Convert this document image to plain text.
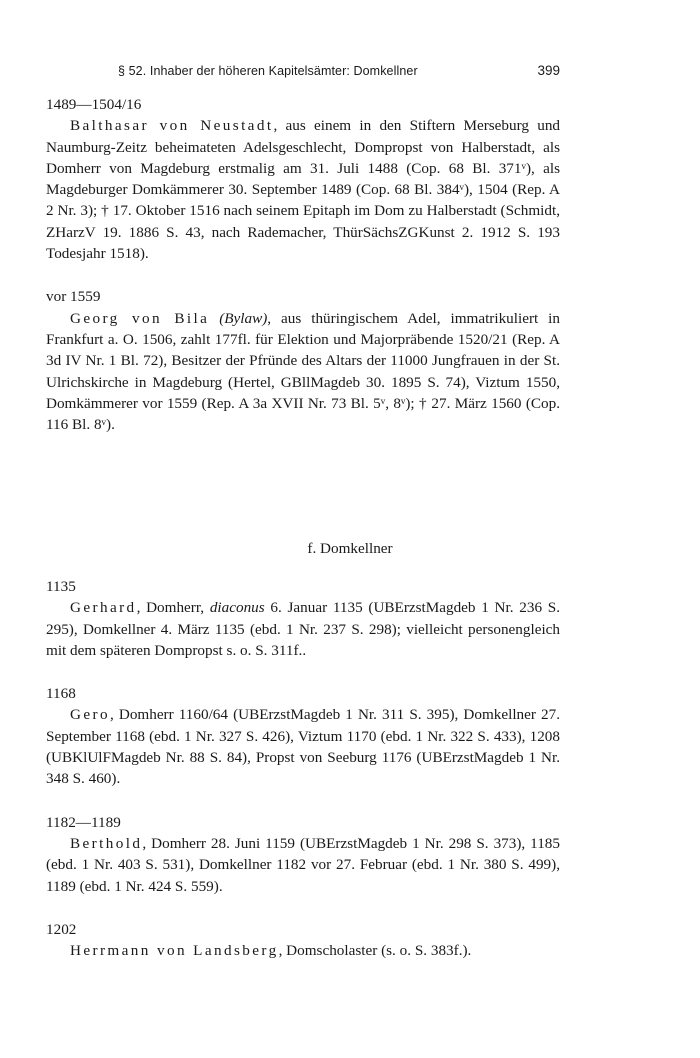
§ 52. Inhaber der höheren Kapitelsämter: Domkellner	399
1489—1504/16
Balthasar von Neustadt, aus einem in den Stiftern Merseburg und Naumburg-Zeitz beheimateten Adelsgeschlecht, Dompropst von Halberstadt, als Domherr von Magdeburg erstmalig am 31. Juli 1488 (Cop. 68 Bl. 371ᵛ), als Magdeburger Domkämmerer 30. September 1489 (Cop. 68 Bl. 384ᵛ), 1504 (Rep. A 2 Nr. 3); † 17. Oktober 1516 nach seinem Epitaph im Dom zu Halberstadt (Schmidt, ZHarzV 19. 1886 S. 43, nach Rademacher, ThürSächsZGKunst 2. 1912 S. 193 Todesjahr 1518).
vor 1559
Georg von Bila (Bylaw), aus thüringischem Adel, immatrikuliert in Frankfurt a. O. 1506, zahlt 177fl. für Elektion und Majorpräbende 1520/21 (Rep. A 3d IV Nr. 1 Bl. 72), Besitzer der Pfründe des Altars der 11000 Jungfrauen in der St. Ulrichskirche in Magdeburg (Hertel, GBllMagdeb 30. 1895 S. 74), Viztum 1550, Domkämmerer vor 1559 (Rep. A 3a XVII Nr. 73 Bl. 5ᵛ, 8ᵛ); † 27. März 1560 (Cop. 116 Bl. 8ᵛ).
f. Domkellner
1135
Gerhard, Domherr, diaconus 6. Januar 1135 (UBErzstMagdeb 1 Nr. 236 S. 295), Domkellner 4. März 1135 (ebd. 1 Nr. 237 S. 298); vielleicht personengleich mit dem späteren Dompropst s. o. S. 311f..
1168
Gero, Domherr 1160/64 (UBErzstMagdeb 1 Nr. 311 S. 395), Domkellner 27. September 1168 (ebd. 1 Nr. 327 S. 426), Viztum 1170 (ebd. 1 Nr. 322 S. 433), 1208 (UBKlUlFMagdeb Nr. 88 S. 84), Propst von Seeburg 1176 (UBErzstMagdeb 1 Nr. 348 S. 460).
1182—1189
Berthold, Domherr 28. Juni 1159 (UBErzstMagdeb 1 Nr. 298 S. 373), 1185 (ebd. 1 Nr. 403 S. 531), Domkellner 1182 vor 27. Februar (ebd. 1 Nr. 380 S. 499), 1189 (ebd. 1 Nr. 424 S. 559).
1202
Herrmann von Landsberg, Domscholaster (s. o. S. 383f.).
